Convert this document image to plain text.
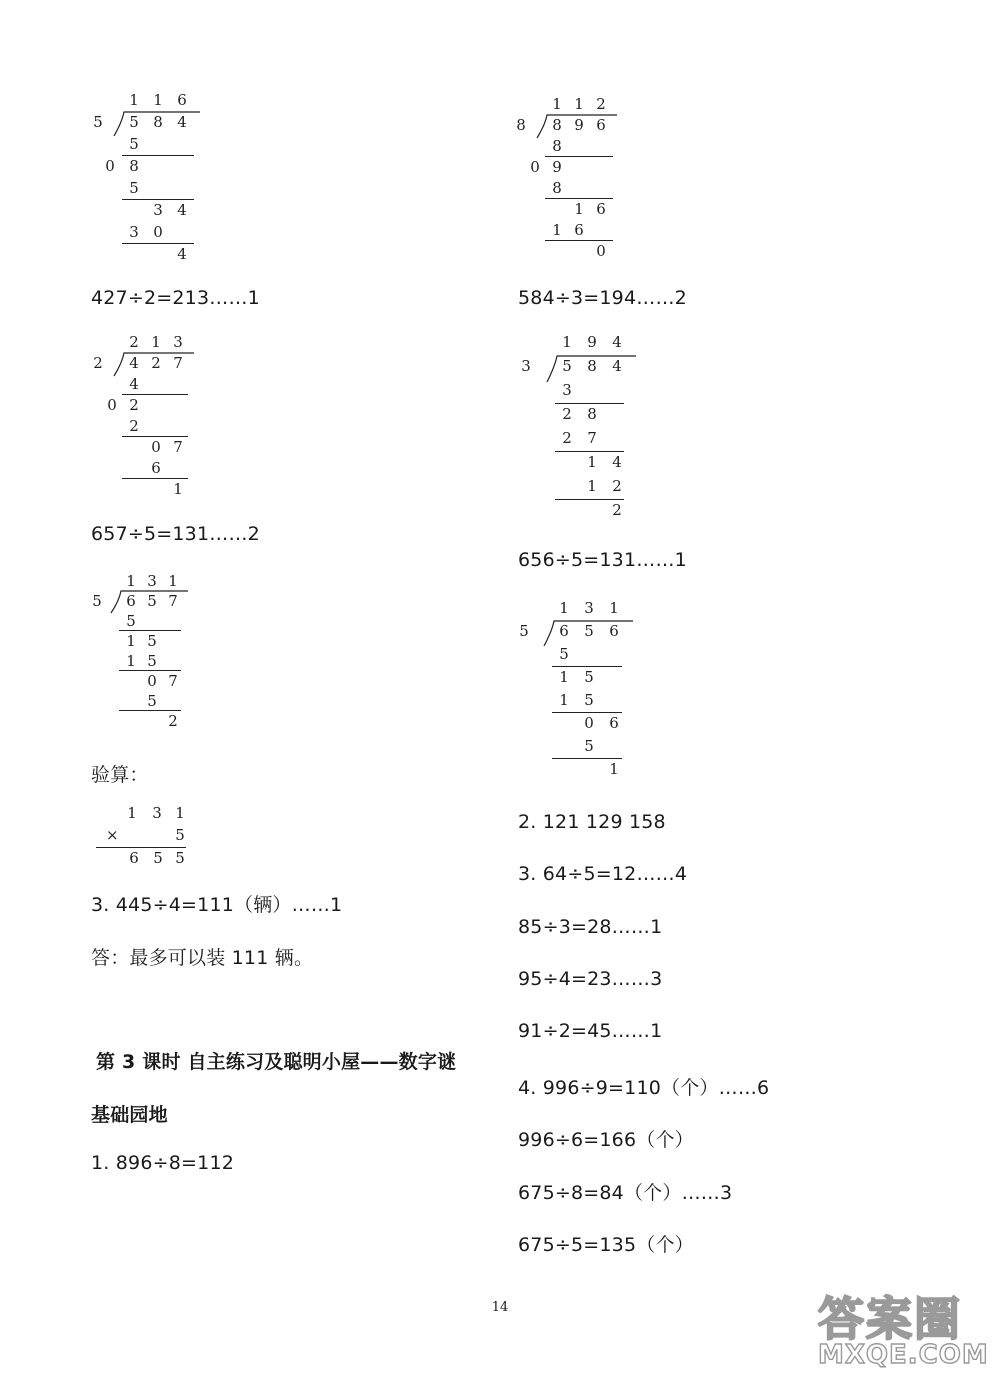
1 1 6
5 5 8 4
5
0 8
5
3 4
3 0
4
427÷2=213……1
2 1 3
2 4 2 7
4
0 2
2
0 7
6
1
657÷5=131……2
1 3 1
5 6 5 7
5
1 5
1 5
0 7
5
2
验算：
1 3 1
×	5
6 5 5
3. 445÷4=111（辆）……1
答：最多可以装 111 辆。
第 3 课时 自主练习及聪明小屋——数字谜
基础园地
1. 896÷8=112
1 1 2
8 8 9 6
8
0 9
8
1 6
1 6
0
584÷3=194……2
1 9 4
3 5 8 4
3
2 8
2 7
1 4
1 2
2
656÷5=131……1
1 3 1
5 6 5 6
5
1 5
1 5
0 6
5
1
2. 121 129 158
3. 64÷5=12……4
85÷3=28……1
95÷4=23……3
91÷2=45……1
4. 996÷9=110（个）……6
996÷6=166（个）
675÷8=84（个）……3
675÷5=135（个）
14	答案圈
MXQE.COM
